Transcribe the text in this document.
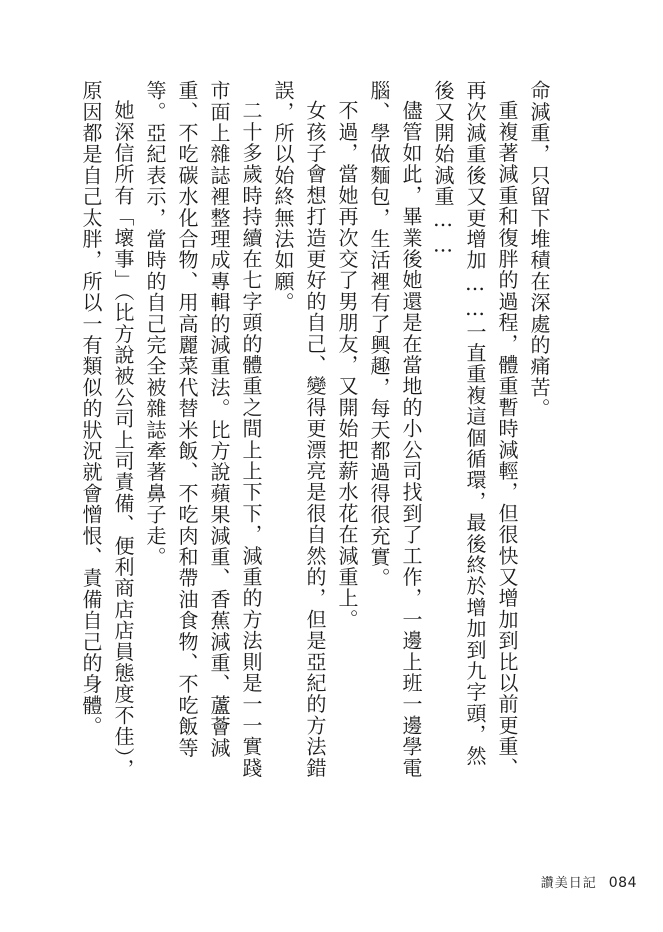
命減重，只留下堆積在深處的痛苦。

重複著減重和復胖的過程，體重暫時減輕，但很快又增加到比以前更重、再次減重後又更增加……一直重複這個循環，最後終於增加到九字頭，然後又開始減重……

儘管如此，畢業後她還是在當地的小公司找到了工作，一邊上班一邊學電腦、學做麵包，生活裡有了興趣，每天都過得很充實。

不過，當她再次交了男朋友，又開始把薪水花在減重上。

女孩子會想打造更好的自己、變得更漂亮是很自然的，但是亞紀的方法錯誤，所以始終無法如願。

二十多歲時持續在七字頭的體重之間上上下下，減重的方法則是一一實踐市面上雜誌裡整理成專輯的減重法。比方說蘋果減重、香蕉減重、蘆薈減重、不吃碳水化合物、用高麗菜代替米飯、不吃肉和帶油食物、不吃飯等等。亞紀表示，當時的自己完全被雜誌牽著鼻子走。

她深信所有「壞事」（比方說被公司上司責備、便利商店店員態度不佳），原因都是自己太胖，所以一有類似的狀況就會憎恨、責備自己的身體。

讚美日記 084
